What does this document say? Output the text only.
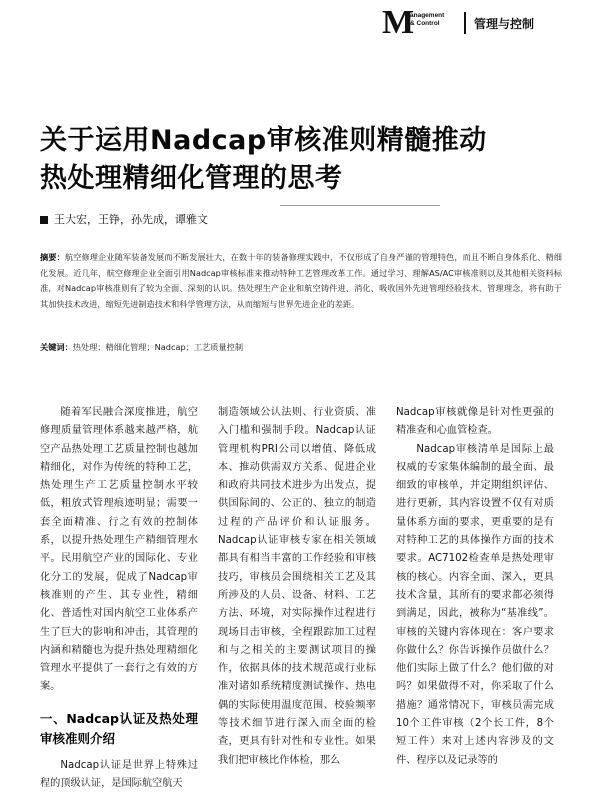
M
anagement
& Control	管理与控制
关于运用Nadcap审核准则精髓推动
热处理精细化管理的思考
王大宏，王铮，孙先成，谭雅文
摘要：航空修理企业随军装备发展而不断发展壮大，在数十年的装备修理实践中，不仅形成了自身严谨的管理特色，而且不断自身体系化、精细化发展。近几年，航空修理企业全面引用Nadcap审核标准来推动特种工艺管理改革工作。通过学习、理解AS/AC审核准则以及其他相关资料标准，对Nadcap审核准则有了较为全面、深刻的认识。热处理生产企业和航空铸件进、消化、吸收国外先进管理经验技术、管理理念，将有助于其加快技术改进，缩短先进制造技术和科学管理方法，从而缩短与世界先进企业的差距。
关键词：热处理；精细化管理；Nadcap；工艺质量控制

随着军民融合深度推进，航空修理质量管理体系越来越严格，航空产品热处理工艺质量控制也越加精细化，对作为传统的特种工艺，热处理生产工艺质量控制水平较低，粗放式管理痕迹明显；需要一套全面精准、行之有效的控制体系，以提升热处理生产精细管理水平。民用航空产业的国际化、专业化分工的发展，促成了Nadcap审核准则的产生、其专业性，精细化、普适性对国内航空工业体系产生了巨大的影响和冲击，其管理的内涵和精髓也为提升热处理精细化管理水平提供了一套行之有效的方案。

一、Nadcap认证及热处理审核准则介绍

Nadcap认证是世界上特殊过程的顶级认证，是国际航空航天

制造领域公认法则、行业资质、准入门槛和强制手段。Nadcap认证管理机构PRI公司以增值、降低成本、推动供需双方关系、促进企业和政府共同技术进步为出发点，提供国际间的、公正的、独立的制造过程的产品评价和认证服务。Nadcap认证审核专家在相关领域都具有相当丰富的工作经验和审核技巧，审核员会围绕相关工艺及其所涉及的人员、设备、材料、工艺方法、环境，对实际操作过程进行现场目击审核，全程跟踪加工过程和与之相关的主要测试项目的操作，依据具体的技术规范或行业标准对诸如系统精度测试操作、热电偶的实际使用温度范围、校验频率等技术细节进行深入而全面的检查，更具有针对性和专业性。如果我们把审核比作体检，那么

Nadcap审核就像是针对性更强的精准查和心血管检查。

Nadcap审核清单是国际上最权威的专家集体编制的最全面、最细致的审核单，并定期组织评估、进行更新，其内容设置不仅有对质量体系方面的要求，更重要的是有对特种工艺的具体操作方面的技术要求。AC7102检查单是热处理审核的核心。内容全面、深入，更具技术含量，其所有的要求都必须得到满足，因此，被称为“基准线”。审核的关键内容体现在：客户要求你做什么？你告诉操作员做什么？他们实际上做了什么？他们做的对吗？如果做得不对，你采取了什么措施？通常情况下，审核员需完成10个工件审核（2个长工件，8个短工件）来对上述内容涉及的文件、程序以及记录等的
